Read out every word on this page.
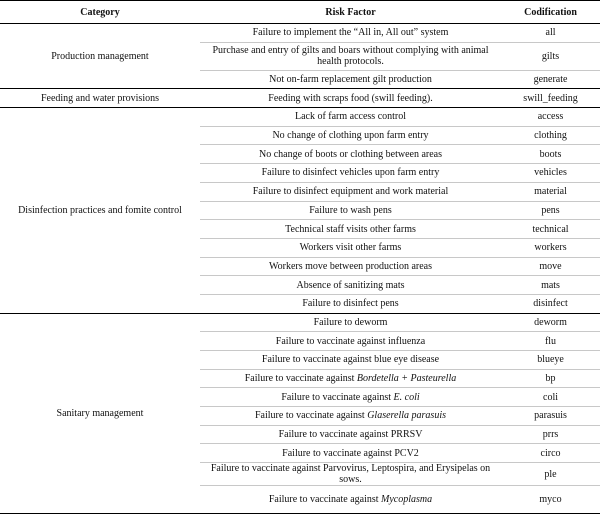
Category	Risk Factor	Codification
Production management	Failure to implement the “All in, All out” system	all
	Purchase and entry of gilts and boars without complying with animal health protocols.	gilts
	Not on-farm replacement gilt production	generate
Feeding and water provisions	Feeding with scraps food (swill feeding).	swill_feeding
Disinfection practices and fomite control	Lack of farm access control	access
	No change of clothing upon farm entry	clothing
	No change of boots or clothing between areas	boots
	Failure to disinfect vehicles upon farm entry	vehicles
	Failure to disinfect equipment and work material	material
	Failure to wash pens	pens
	Technical staff visits other farms	technical
	Workers visit other farms	workers
	Workers move between production areas	move
	Absence of sanitizing mats	mats
	Failure to disinfect pens	disinfect
Sanitary management	Failure to deworm	deworm
	Failure to vaccinate against influenza	flu
	Failure to vaccinate against blue eye disease	blueye
	Failure to vaccinate against Bordetella + Pasteurella	bp
	Failure to vaccinate against E. coli	coli
	Failure to vaccinate against Glaserella parasuis	parasuis
	Failure to vaccinate against PRRSV	prrs
	Failure to vaccinate against PCV2	circo
	Failure to vaccinate against Parvovirus, Leptospira, and Erysipelas on sows.	ple
	Failure to vaccinate against Mycoplasma	myco
